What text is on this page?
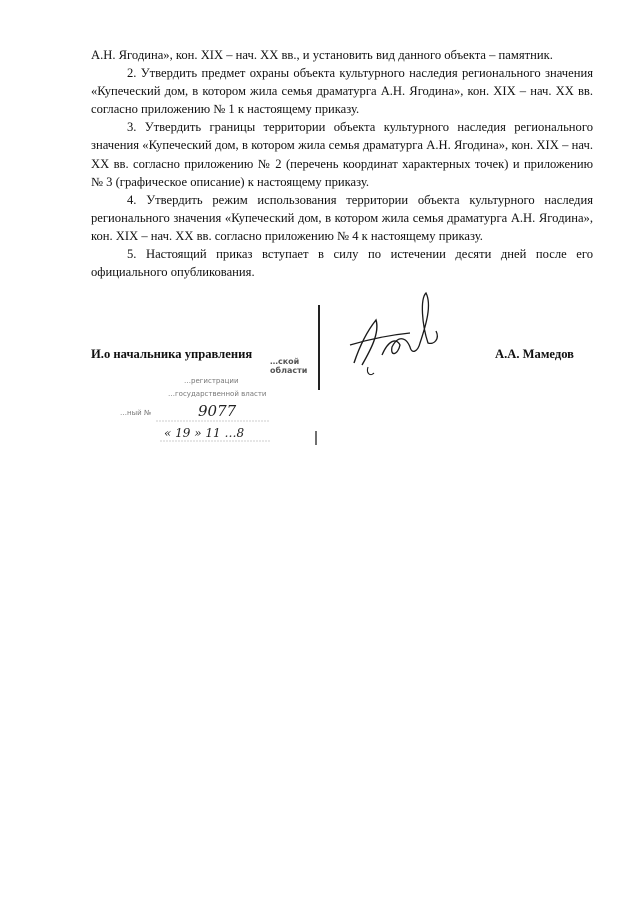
А.Н. Ягодина», кон. XIX – нач. XX вв., и установить вид данного объекта – памятник.

2. Утвердить предмет охраны объекта культурного наследия регионального значения «Купеческий дом, в котором жила семья драматурга А.Н. Ягодина», кон. XIX – нач. XX вв. согласно приложению № 1 к настоящему приказу.

3. Утвердить границы территории объекта культурного наследия регионального значения «Купеческий дом, в котором жила семья драматурга А.Н. Ягодина», кон. XIX – нач. XX вв. согласно приложению № 2 (перечень координат характерных точек) и приложению № 3 (графическое описание) к настоящему приказу.

4. Утвердить режим использования территории объекта культурного наследия регионального значения «Купеческий дом, в котором жила семья драматурга А.Н. Ягодина», кон. XIX – нач. XX вв. согласно приложению № 4 к настоящему приказу.

5. Настоящий приказ вступает в силу по истечении десяти дней после его официального опубликования.

И.о начальника управления	А.А. Мамедов
…ской области
…регистрации
…государственной власти
…ный №	9077
« 19 » 11 …8
